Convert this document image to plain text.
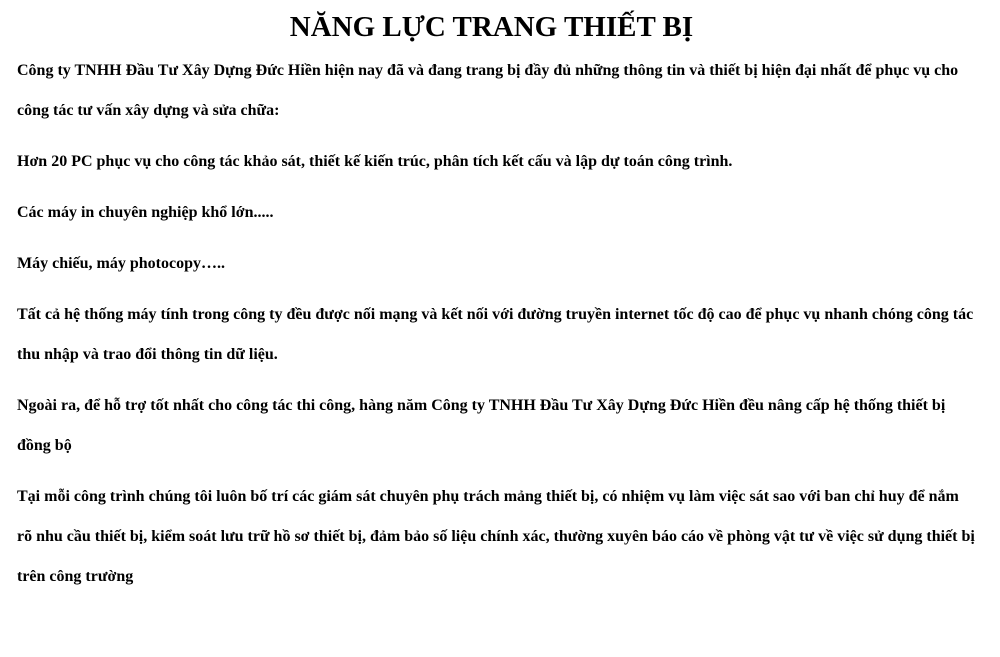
NĂNG LỰC TRANG THIẾT BỊ

Công ty TNHH Đầu Tư Xây Dựng Đức Hiền hiện nay đã và đang trang bị đầy đủ những thông tin và thiết bị hiện đại nhất để phục vụ cho công tác tư vấn xây dựng và sửa chữa:

Hơn 20 PC phục vụ cho công tác khảo sát, thiết kế kiến trúc, phân tích kết cấu và lập dự toán công trình.

Các máy in chuyên nghiệp khổ lớn.....

Máy chiếu, máy photocopy…..

Tất cả hệ thống máy tính trong công ty đều được nối mạng và kết nối với đường truyền internet tốc độ cao để phục vụ nhanh chóng công tác thu nhập và trao đổi thông tin dữ liệu.

Ngoài ra, để hỗ trợ tốt nhất cho công tác thi công, hàng năm Công ty TNHH Đầu Tư Xây Dựng Đức Hiền đều nâng cấp hệ thống thiết bị đồng bộ

Tại mỗi công trình chúng tôi luôn bố trí các giám sát chuyên phụ trách mảng thiết bị, có nhiệm vụ làm việc sát sao với ban chỉ huy để nắm rõ nhu cầu thiết bị, kiểm soát lưu trữ hồ sơ thiết bị, đảm bảo số liệu chính xác, thường xuyên báo cáo về phòng vật tư về việc sử dụng thiết bị trên công trường
